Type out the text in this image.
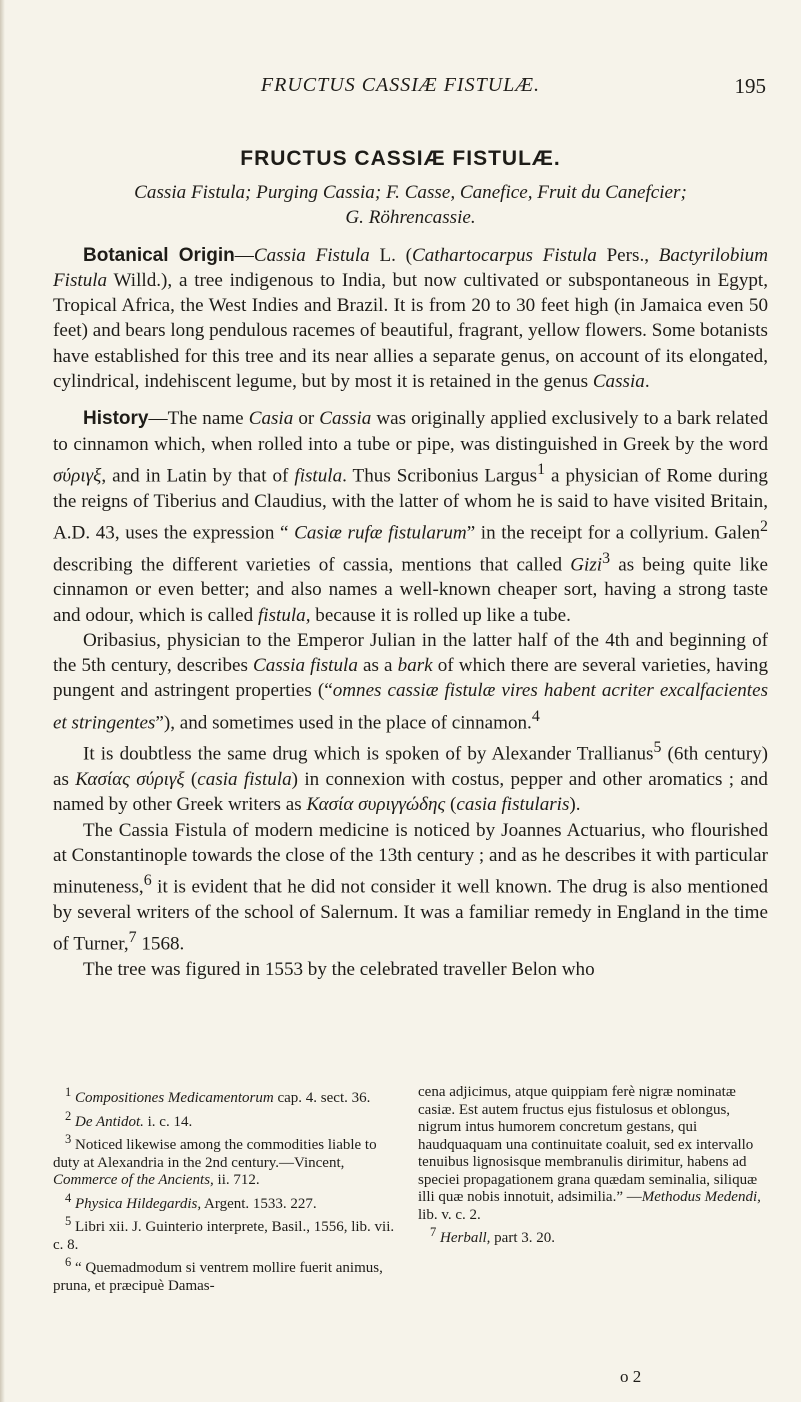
FRUCTUS CASSIÆ FISTULÆ.	195
FRUCTUS CASSIÆ FISTULÆ.

Cassia Fistula; Purging Cassia; F. Casse, Canefice, Fruit du Canefcier;
G. Röhrencassie.

Botanical Origin—Cassia Fistula L. (Cathartocarpus Fistula Pers., Bactyrilobium Fistula Willd.), a tree indigenous to India, but now cultivated or subspontaneous in Egypt, Tropical Africa, the West Indies and Brazil. It is from 20 to 30 feet high (in Jamaica even 50 feet) and bears long pendulous racemes of beautiful, fragrant, yellow flowers. Some botanists have established for this tree and its near allies a separate genus, on account of its elongated, cylindrical, indehiscent legume, but by most it is retained in the genus Cassia.

History—The name Casia or Cassia was originally applied exclusively to a bark related to cinnamon which, when rolled into a tube or pipe, was distinguished in Greek by the word σύριγξ, and in Latin by that of fistula. Thus Scribonius Largus$^1$ a physician of Rome during the reigns of Tiberius and Claudius, with the latter of whom he is said to have visited Britain, A.D. 43, uses the expression “ Casiæ rufæ fistularum” in the receipt for a collyrium. Galen$^2$ describing the different varieties of cassia, mentions that called Gizi$^3$ as being quite like cinnamon or even better; and also names a well-known cheaper sort, having a strong taste and odour, which is called fistula, because it is rolled up like a tube.

Oribasius, physician to the Emperor Julian in the latter half of the 4th and beginning of the 5th century, describes Cassia fistula as a bark of which there are several varieties, having pungent and astringent properties (“omnes cassiæ fistulæ vires habent acriter excalfacientes et stringentes”), and sometimes used in the place of cinnamon.$^4$

It is doubtless the same drug which is spoken of by Alexander Trallianus$^5$ (6th century) as Κασίας σύριγξ (casia fistula) in connexion with costus, pepper and other aromatics ; and named by other Greek writers as Κασία συριγγώδης (casia fistularis).

The Cassia Fistula of modern medicine is noticed by Joannes Actuarius, who flourished at Constantinople towards the close of the 13th century ; and as he describes it with particular minuteness,$^6$ it is evident that he did not consider it well known. The drug is also mentioned by several writers of the school of Salernum. It was a familiar remedy in England in the time of Turner,$^7$ 1568.

The tree was figured in 1553 by the celebrated traveller Belon who

$^1$ Compositiones Medicamentorum cap. 4. sect. 36.

$^2$ De Antidot. i. c. 14.

$^3$ Noticed likewise among the commodities liable to duty at Alexandria in the 2nd century.—Vincent, Commerce of the Ancients, ii. 712.

$^4$ Physica Hildegardis, Argent. 1533. 227.

$^5$ Libri xii. J. Guinterio interprete, Basil., 1556, lib. vii. c. 8.

$^6$ “ Quemadmodum si ventrem mollire fuerit animus, pruna, et præcipuè Damas-

cena adjicimus, atque quippiam ferè nigræ nominatæ casiæ. Est autem fructus ejus fistulosus et oblongus, nigrum intus humorem concretum gestans, qui haudquaquam una continuitate coaluit, sed ex intervallo tenuibus lignosisque membranulis dirimitur, habens ad speciei propagationem grana quædam seminalia, siliquæ illi quæ nobis innotuit, adsimilia.” —Methodus Medendi, lib. v. c. 2.

$^7$ Herball, part 3. 20.

o 2
